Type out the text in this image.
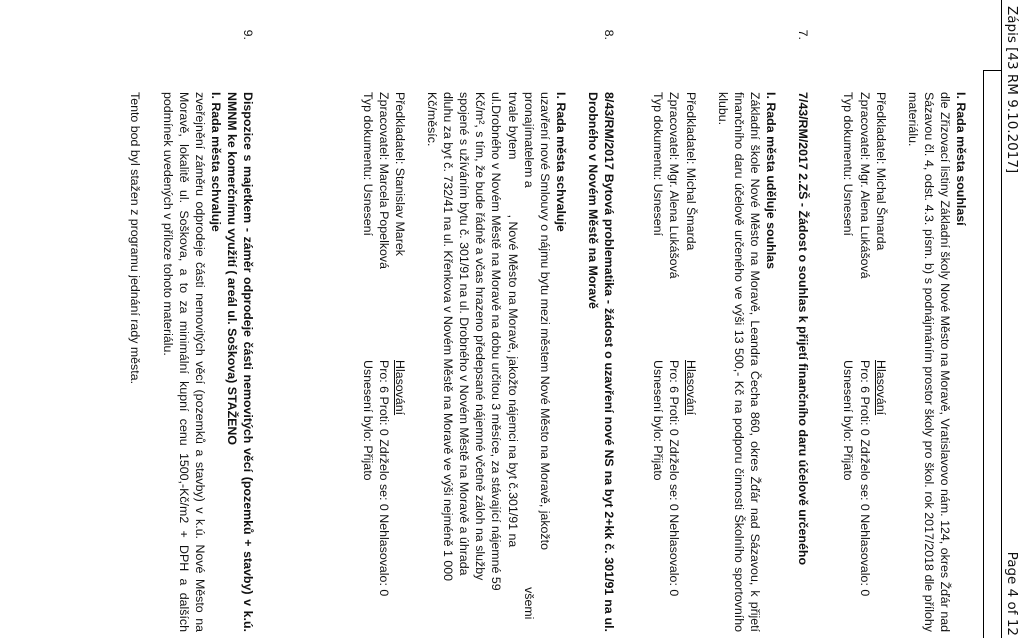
Zápis [43 RM 9.10.2017]
Page 4 of 12
I. Rada města souhlasí
dle Zřizovací listiny Základní školy Nové Město na Moravě, Vratislavovo nám. 124, okres Žďár nad Sázavou čl. 4, odst. 4.3. písm. b) s podnájmáním prostor školy pro škol. rok 2017/2018 dle přílohy materiálu.
Předkladatel: Michal Šmarda
Hlasování
Zpracovatel: Mgr. Alena Lukášová
Pro: 6 Proti: 0 Zdrželo se: 0 Nehlasovalo: 0
Typ dokumentu: Usnesení
Usnesení bylo: Přijato
7.
7/43/RM/2017 2.ZŠ - Žádost o souhlas k přijetí finančního daru účelově určeného
I. Rada města uděluje souhlas
Základní škole Nové Město na Moravě, Leandra Čecha 860, okres Žďár nad Sázavou, k přijetí finančního daru účelově určeného ve výši 13 500,- Kč na podporu činnosti Školního sportovního klubu.
Předkladatel: Michal Šmarda
Hlasování
Zpracovatel: Mgr. Alena Lukášová
Pro: 6 Proti: 0 Zdrželo se: 0 Nehlasovalo: 0
Typ dokumentu: Usnesení
Usnesení bylo: Přijato
8.
8/43/RM/2017 Bytová problematika - žádost o uzavření nové NS na byt 2+kk č. 301/91 na ul. Drobného v Novém Městě na Moravě
I. Rada města schvaluje
uzavření nové Smlouvy o nájmu bytu mezi městem Nové Město na Moravě, jakožto
pronajímatelem a                                                                                                                    všemi
trvale bytem                , Nové Město na Moravě, jakožto nájemci na byt č.301/91 na
ul.Drobného v Novém Městě na Moravě na dobu určitou 3 měsíce, za stávající nájemné 59
Kč/m², s tím, že bude řádně a včas hrazeno předepsané nájemné včetně záloh na služby
spojené s užíváním bytu č. 301/91 na ul. Drobného v Novém Městě na Moravě a úhrada
dluhu za byt č. 732/41 na ul. Křenkova v Novém Městě na Moravě ve výši nejméně 1 000
Kč/měsíc.
Předkladatel: Stanislav Marek
Hlasování
Zpracovatel: Marcela Popelková
Pro: 6 Proti: 0 Zdrželo se: 0 Nehlasovalo: 0
Typ dokumentu: Usnesení
Usnesení bylo: Přijato
9.
Dispozice s majetkem - záměr odprodeje části nemovitých věcí (pozemků + stavby) v k.ú. NMNM ke komerčnímu využití ( areál ul. Soškova) STAŽENO
I. Rada města schvaluje
zveřejnění záměru odprodeje části nemovitých věcí (pozemků a stavby) v k.ú. Nové Město na Moravě, lokalitě ul. Soškova, a to za minimální kupní cenu 1500,-Kč/m2 + DPH a dalších podmínek uvedených v příloze tohoto materiálu.
Tento bod byl stažen z programu jednání rady města.
